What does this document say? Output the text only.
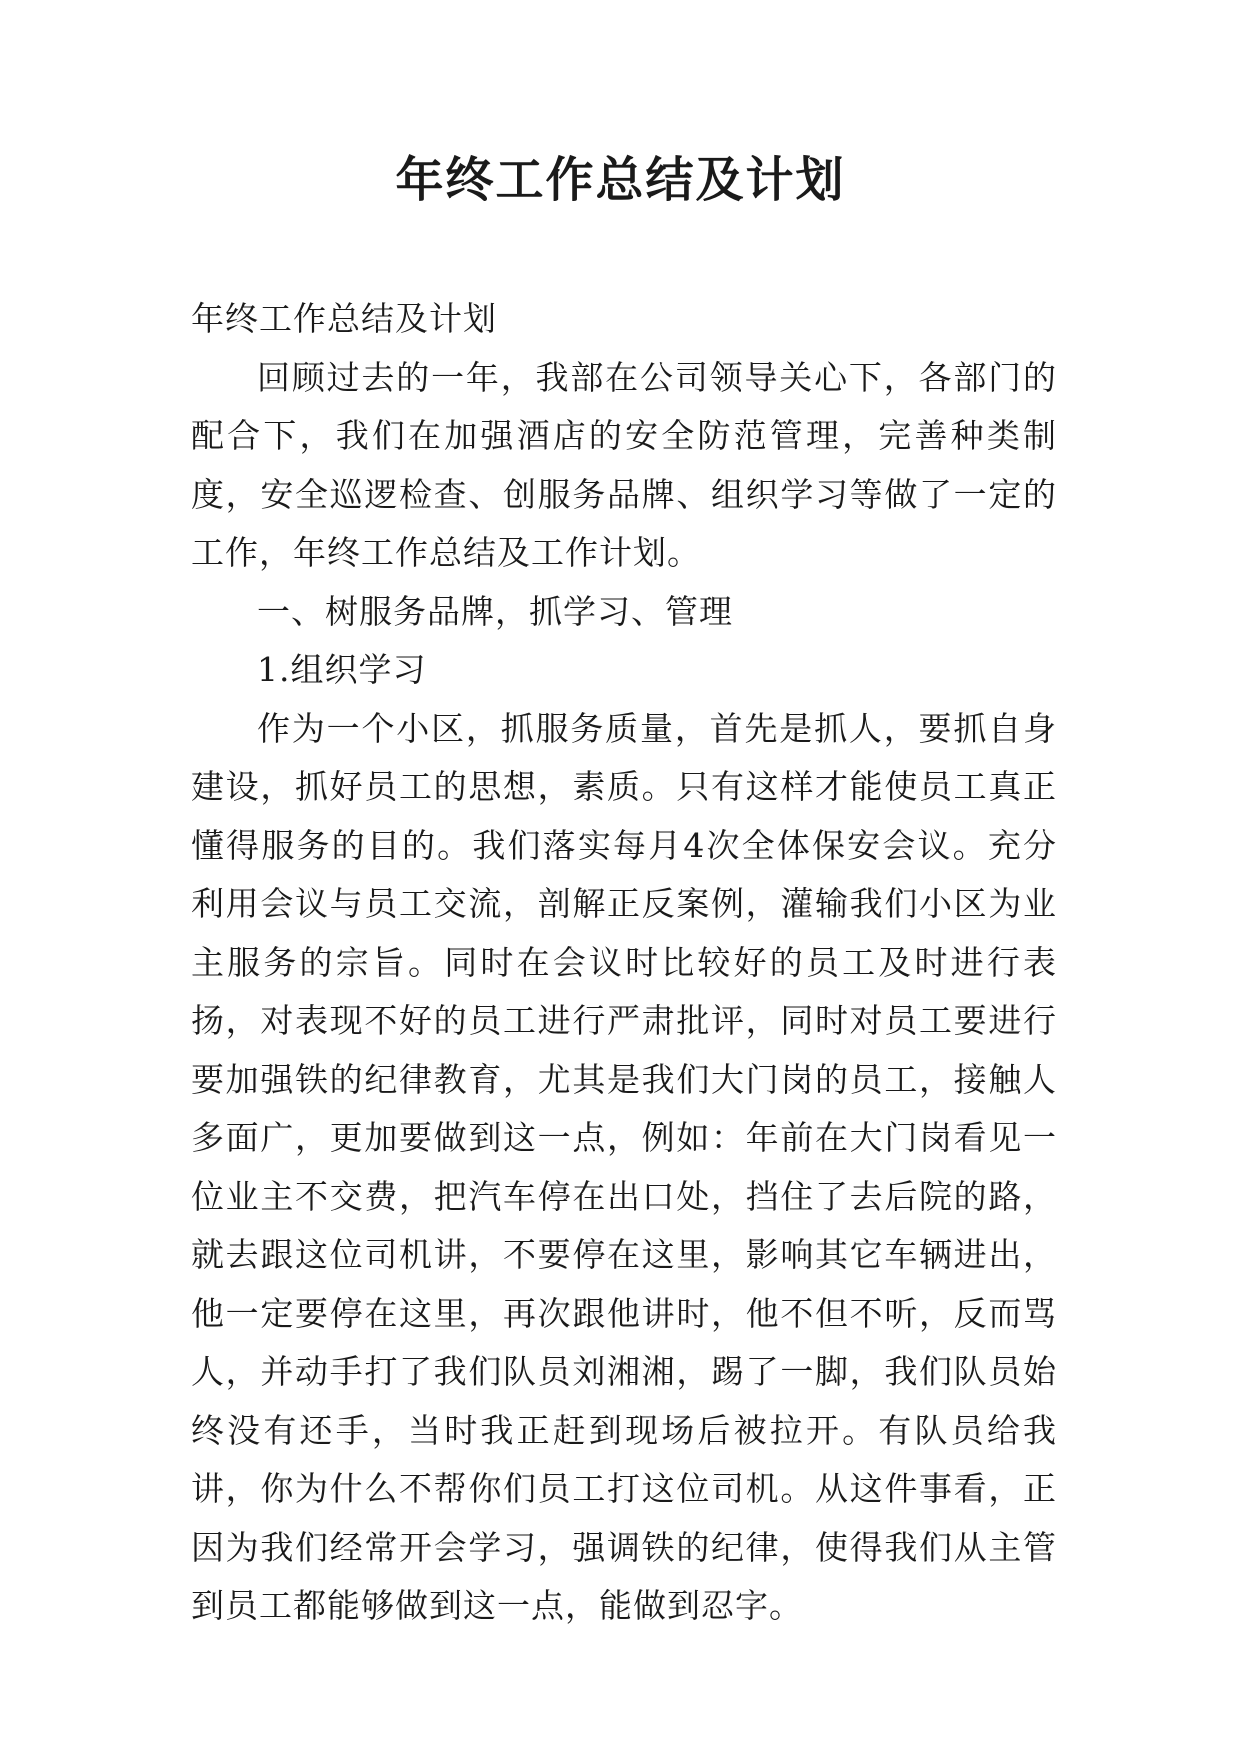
年终工作总结及计划

年终工作总结及计划

回顾过去的一年，我部在公司领导关心下，各部门的配合下，我们在加强酒店的安全防范管理，完善种类制度，安全巡逻检查、创服务品牌、组织学习等做了一定的工作，年终工作总结及工作计划。

一、树服务品牌，抓学习、管理

1.组织学习

作为一个小区，抓服务质量，首先是抓人，要抓自身建设，抓好员工的思想，素质。只有这样才能使员工真正懂得服务的目的。我们落实每月4次全体保安会议。充分利用会议与员工交流，剖解正反案例，灌输我们小区为业主服务的宗旨。同时在会议时比较好的员工及时进行表扬，对表现不好的员工进行严肃批评，同时对员工要进行要加强铁的纪律教育，尤其是我们大门岗的员工，接触人多面广，更加要做到这一点，例如：年前在大门岗看见一位业主不交费，把汽车停在出口处，挡住了去后院的路，就去跟这位司机讲，不要停在这里，影响其它车辆进出，他一定要停在这里，再次跟他讲时，他不但不听，反而骂人，并动手打了我们队员刘湘湘，踢了一脚，我们队员始终没有还手，当时我正赶到现场后被拉开。有队员给我讲，你为什么不帮你们员工打这位司机。从这件事看，正因为我们经常开会学习，强调铁的纪律，使得我们从主管到员工都能够做到这一点，能做到忍字。
